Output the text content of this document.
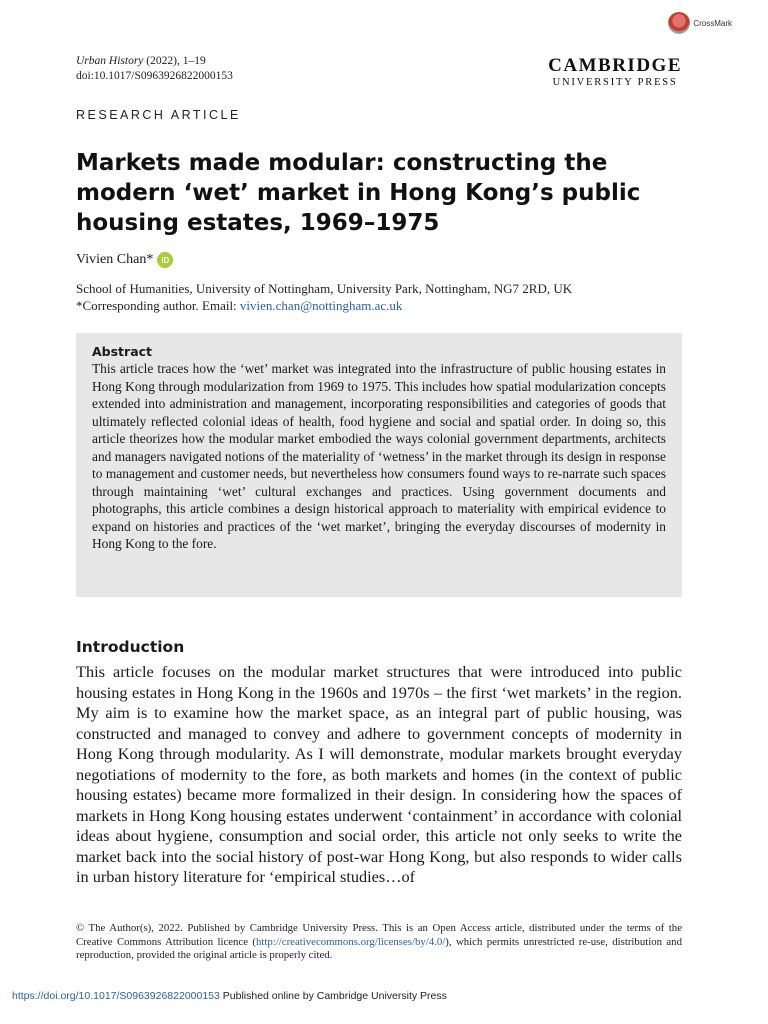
Urban History (2022), 1–19
doi:10.1017/S0963926822000153
CrossMark
CAMBRIDGE
UNIVERSITY PRESS
RESEARCH ARTICLE
Markets made modular: constructing the modern ‘wet’ market in Hong Kong’s public housing estates, 1969–1975
Vivien Chan*	iD
School of Humanities, University of Nottingham, University Park, Nottingham, NG7 2RD, UK
*Corresponding author. Email: vivien.chan@nottingham.ac.uk
Abstract

This article traces how the ‘wet’ market was integrated into the infrastructure of public housing estates in Hong Kong through modularization from 1969 to 1975. This includes how spatial modularization concepts extended into administration and management, incorporating responsibilities and categories of goods that ultimately reflected colonial ideas of health, food hygiene and social and spatial order. In doing so, this article theorizes how the modular market embodied the ways colonial government departments, architects and managers navigated notions of the materiality of ‘wetness’ in the market through its design in response to management and customer needs, but nevertheless how consumers found ways to re-narrate such spaces through maintaining ‘wet’ cultural exchanges and practices. Using government documents and photographs, this article combines a design historical approach to materiality with empirical evidence to expand on histories and practices of the ‘wet market’, bringing the everyday discourses of modernity in Hong Kong to the fore.

Introduction

This article focuses on the modular market structures that were introduced into public housing estates in Hong Kong in the 1960s and 1970s – the first ‘wet markets’ in the region. My aim is to examine how the market space, as an integral part of public housing, was constructed and managed to convey and adhere to government concepts of modernity in Hong Kong through modularity. As I will demonstrate, modular markets brought everyday negotiations of modernity to the fore, as both markets and homes (in the context of public housing estates) became more formalized in their design. In considering how the spaces of markets in Hong Kong housing estates underwent ‘containment’ in accordance with colonial ideas about hygiene, consumption and social order, this article not only seeks to write the market back into the social history of post-war Hong Kong, but also responds to wider calls in urban history literature for ‘empirical studies…of

© The Author(s), 2022. Published by Cambridge University Press. This is an Open Access article, distributed under the terms of the Creative Commons Attribution licence (http://creativecommons.org/licenses/by/4.0/), which permits unrestricted re-use, distribution and reproduction, provided the original article is properly cited.

https://doi.org/10.1017/S0963926822000153 Published online by Cambridge University Press
